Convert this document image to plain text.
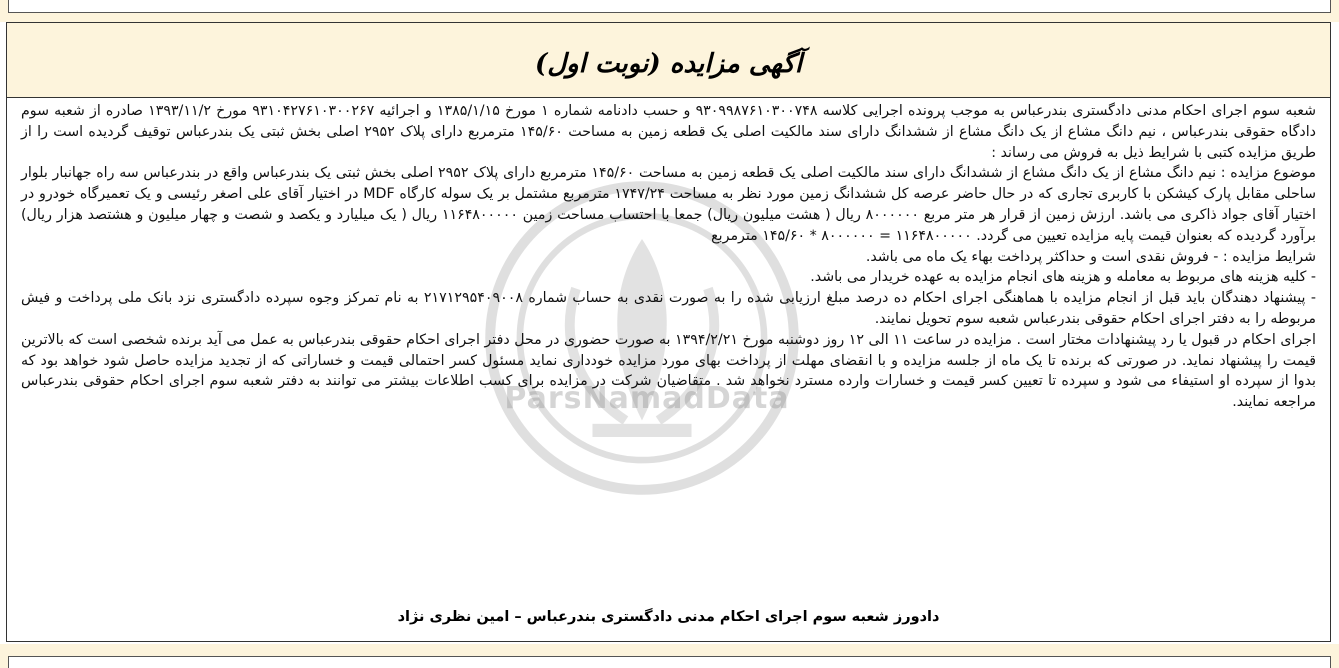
آگهی مزایده (نوبت اول)
ParsNamadData

شعبه سوم اجرای احکام مدنی دادگستری بندرعباس به موجب پرونده اجرایی کلاسه ۹۳۰۹۹۸۷۶۱۰۳۰۰۷۴۸ و حسب دادنامه شماره ۱ مورخ ۱۳۸۵/۱/۱۵ و اجرائیه ۹۳۱۰۴۲۷۶۱۰۳۰۰۲۶۷ مورخ ۱۳۹۳/۱۱/۲ صادره از شعبه سوم دادگاه حقوقی بندرعباس ، نیم دانگ مشاع از یک دانگ مشاع از ششدانگ دارای سند مالکیت اصلی یک قطعه زمین به مساحت ۱۴۵/۶۰ مترمربع دارای پلاک ۲۹۵۲ اصلی بخش ثبتی یک بندرعباس توقیف گردیده است را از طریق مزایده کتبی با شرایط ذیل به فروش می رساند :

موضوع مزایده : نیم دانگ مشاع از یک دانگ مشاع از ششدانگ دارای سند مالکیت اصلی یک قطعه زمین به مساحت ۱۴۵/۶۰ مترمربع دارای پلاک ۲۹۵۲ اصلی بخش ثبتی یک بندرعباس واقع در بندرعباس سه راه جهانبار بلوار ساحلی مقابل پارک کیشکن با کاربری تجاری که در حال حاضر عرصه کل ششدانگ زمین مورد نظر به مساحت ۱۷۴۷/۲۴ مترمربع مشتمل بر یک سوله کارگاه MDF در اختیار آقای علی اصغر رئیسی و یک تعمیرگاه خودرو در اختیار آقای جواد ذاکری می باشد. ارزش زمین از قرار هر متر مربع ۸۰۰۰۰۰۰ ریال ( هشت میلیون ریال) جمعا با احتساب مساحت زمین ۱۱۶۴۸۰۰۰۰۰ ریال ( یک میلیارد و یکصد و شصت و چهار میلیون و هشتصد هزار ریال) برآورد گردیده که بعنوان قیمت پایه مزایده تعیین می گردد. ۱۱۶۴۸۰۰۰۰۰ = ۸۰۰۰۰۰۰ * ۱۴۵/۶۰ مترمربع

شرایط مزایده : - فروش نقدی است و حداکثر پرداخت بهاء یک ماه می باشد.

- کلیه هزینه های مربوط به معامله و هزینه های انجام مزایده به عهده خریدار می باشد.

- پیشنهاد دهندگان باید قبل از انجام مزایده با هماهنگی اجرای احکام ده درصد مبلغ ارزیابی شده را به صورت نقدی به حساب شماره ۲۱۷۱۲۹۵۴۰۹۰۰۸ به نام تمرکز وجوه سپرده دادگستری نزد بانک ملی پرداخت و فیش مربوطه را به دفتر اجرای احکام حقوقی بندرعباس شعبه سوم تحویل نمایند.

اجرای احکام در قبول یا رد پیشنهادات مختار است . مزایده در ساعت ۱۱ الی ۱۲ روز دوشنبه مورخ ۱۳۹۴/۲/۲۱ به صورت حضوری در محل دفتر اجرای احکام حقوقی بندرعباس به عمل می آید برنده شخصی است که بالاترین قیمت را پیشنهاد نماید. در صورتی که برنده تا یک ماه از جلسه مزایده و با انقضای مهلت از پرداخت بهای مورد مزایده خودداری نماید مسئول کسر احتمالی قیمت و خساراتی که از تجدید مزایده حاصل شود خواهد بود که بدوا از سپرده او استیفاء می شود و سپرده تا تعیین کسر قیمت و خسارات وارده مسترد نخواهد شد . متقاضیان شرکت در مزایده برای کسب اطلاعات بیشتر می توانند به دفتر شعبه سوم اجرای احکام حقوقی بندرعباس مراجعه نمایند.

دادورز شعبه سوم اجرای احکام مدنی دادگستری بندرعباس – امین نظری نژاد
